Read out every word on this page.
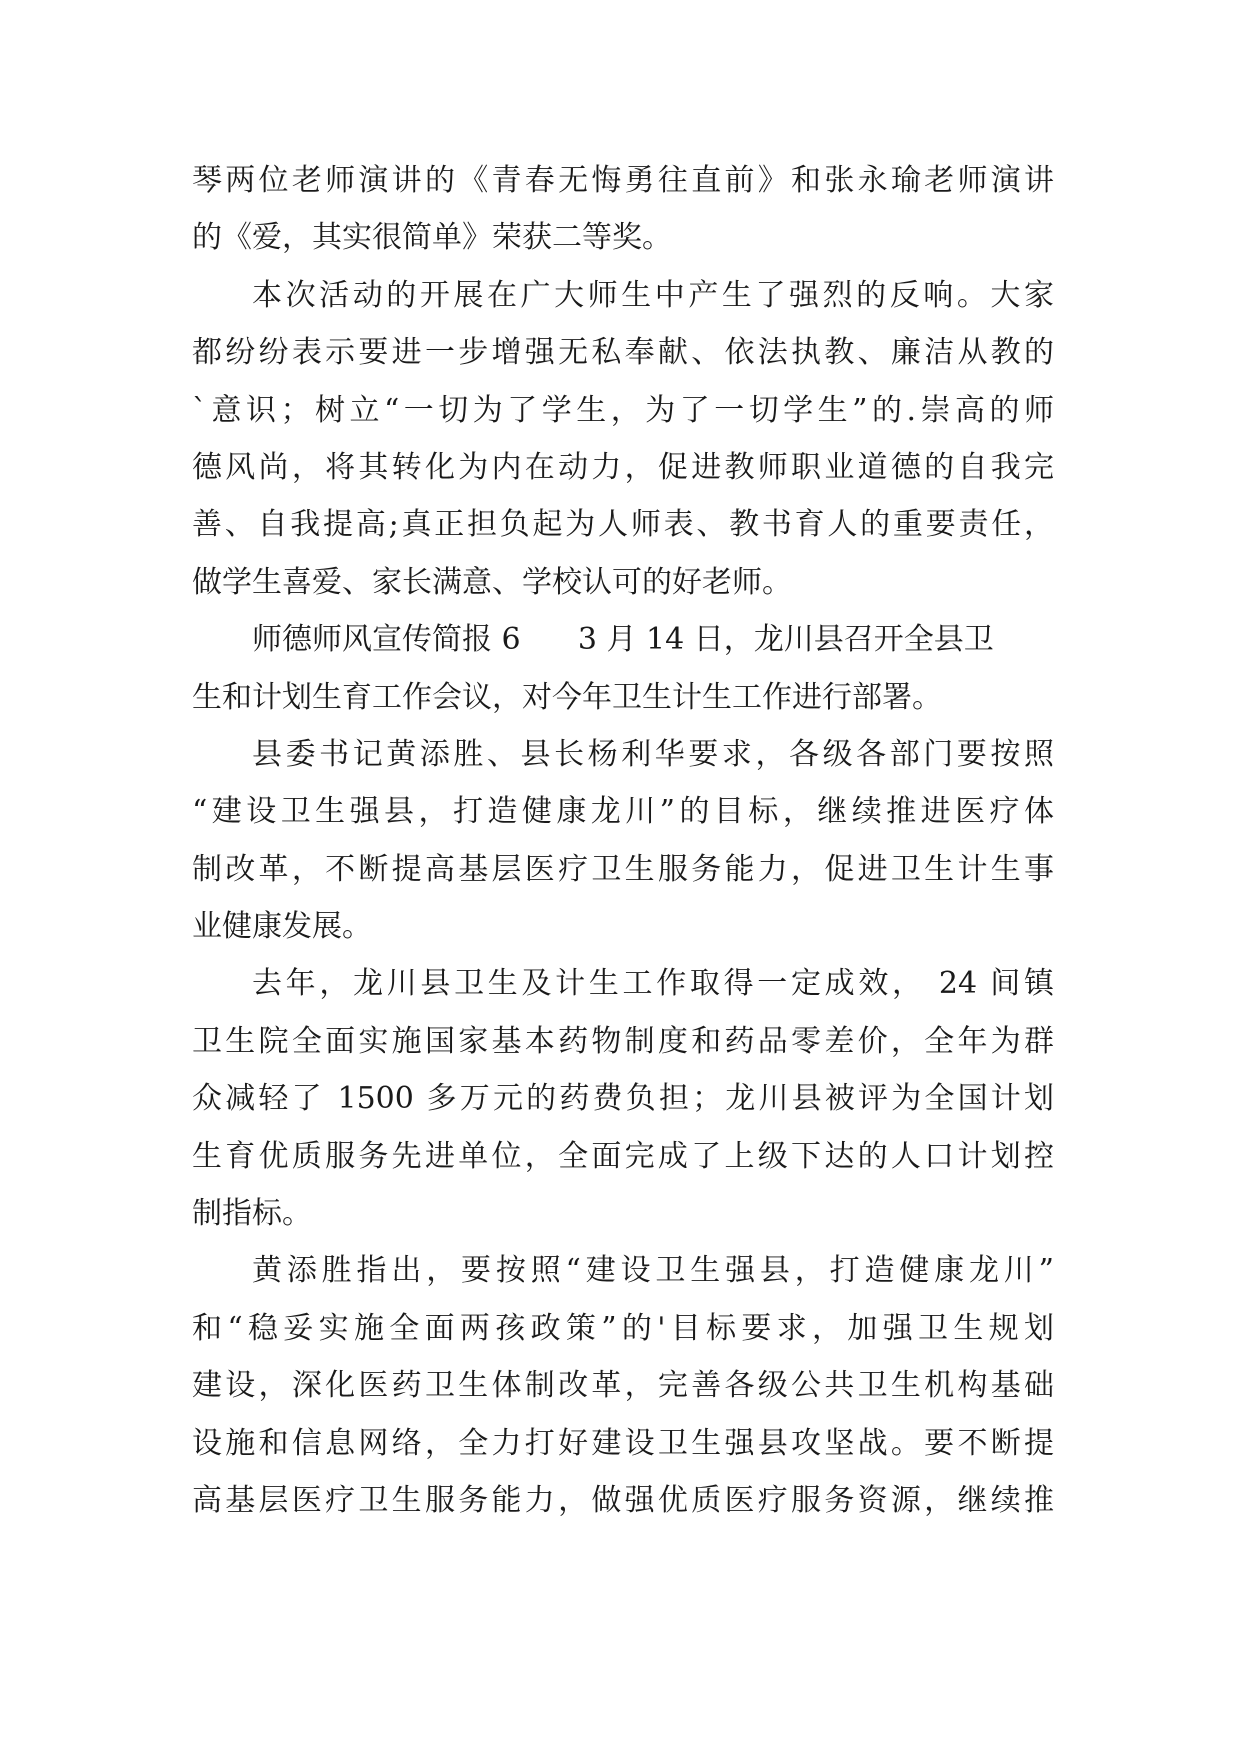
琴两位老师演讲的《青春无悔勇往直前》和张永瑜老师演讲
的《爱，其实很简单》荣获二等奖。
本次活动的开展在广大师生中产生了强烈的反响。大家
都纷纷表示要进一步增强无私奉献、依法执教、廉洁从教的
`意识；树立“一切为了学生，为了一切学生”的.崇高的师
德风尚，将其转化为内在动力，促进教师职业道德的自我完
善、自我提高;真正担负起为人师表、教书育人的重要责任，
做学生喜爱、家长满意、学校认可的好老师。
师德师风宣传简报 6      3 月 14 日，龙川县召开全县卫
生和计划生育工作会议，对今年卫生计生工作进行部署。
县委书记黄添胜、县长杨利华要求，各级各部门要按照
“建设卫生强县，打造健康龙川”的目标，继续推进医疗体
制改革，不断提高基层医疗卫生服务能力，促进卫生计生事
业健康发展。
去年，龙川县卫生及计生工作取得一定成效， 24 间镇
卫生院全面实施国家基本药物制度和药品零差价，全年为群
众减轻了 1500 多万元的药费负担；龙川县被评为全国计划
生育优质服务先进单位，全面完成了上级下达的人口计划控
制指标。
黄添胜指出，要按照“建设卫生强县，打造健康龙川”
和“稳妥实施全面两孩政策”的'目标要求，加强卫生规划
建设，深化医药卫生体制改革，完善各级公共卫生机构基础
设施和信息网络，全力打好建设卫生强县攻坚战。要不断提
高基层医疗卫生服务能力，做强优质医疗服务资源，继续推
